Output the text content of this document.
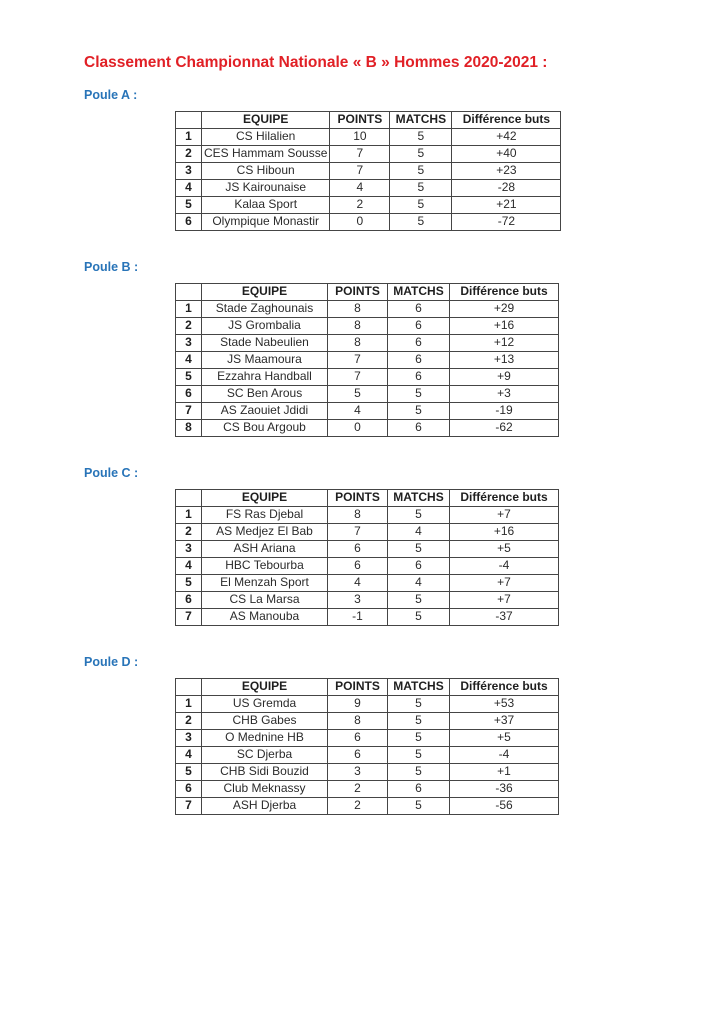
Classement Championnat Nationale « B » Hommes 2020-2021 :
Poule A :
	EQUIPE	POINTS	MATCHS	Différence buts
1	CS Hilalien	10	5	+42
2	CES Hammam Sousse	7	5	+40
3	CS Hiboun	7	5	+23
4	JS Kairounaise	4	5	-28
5	Kalaa Sport	2	5	+21
6	Olympique Monastir	0	5	-72
Poule B :
	EQUIPE	POINTS	MATCHS	Différence buts
1	Stade Zaghounais	8	6	+29
2	JS Grombalia	8	6	+16
3	Stade Nabeulien	8	6	+12
4	JS Maamoura	7	6	+13
5	Ezzahra Handball	7	6	+9
6	SC Ben Arous	5	5	+3
7	AS Zaouiet Jdidi	4	5	-19
8	CS Bou Argoub	0	6	-62
Poule C :
	EQUIPE	POINTS	MATCHS	Différence buts
1	FS Ras Djebal	8	5	+7
2	AS Medjez El Bab	7	4	+16
3	ASH Ariana	6	5	+5
4	HBC Tebourba	6	6	-4
5	El Menzah Sport	4	4	+7
6	CS La Marsa	3	5	+7
7	AS Manouba	-1	5	-37
Poule D :
	EQUIPE	POINTS	MATCHS	Différence buts
1	US Gremda	9	5	+53
2	CHB Gabes	8	5	+37
3	O Mednine HB	6	5	+5
4	SC Djerba	6	5	-4
5	CHB Sidi Bouzid	3	5	+1
6	Club Meknassy	2	6	-36
7	ASH Djerba	2	5	-56
